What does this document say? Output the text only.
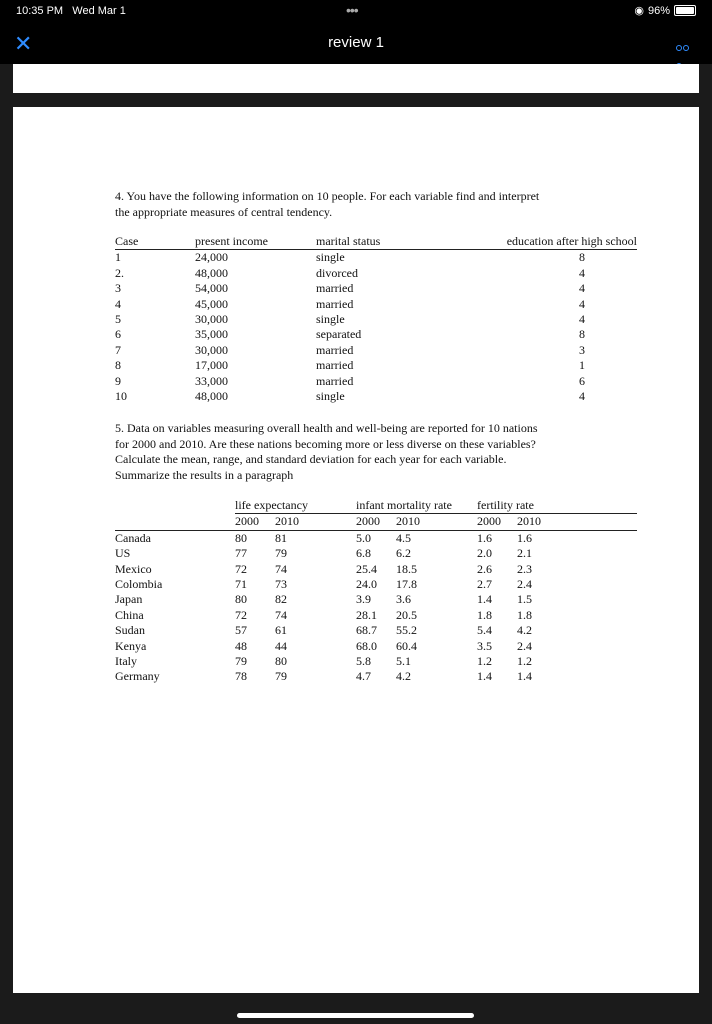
10:35 PM Wed Mar 1	•••	◉ 96%
✕	review 1

4. You have the following information on 10 people. For each variable find and interpret
the appropriate measures of central tendency.

Case	present income	marital status	education after high school
1	24,000	single	8
2.	48,000	divorced	4
3	54,000	married	4
4	45,000	married	4
5	30,000	single	4
6	35,000	separated	8
7	30,000	married	3
8	17,000	married	1
9	33,000	married	6
10	48,000	single	4

5. Data on variables measuring overall health and well-being are reported for 10 nations
for 2000 and 2010. Are these nations becoming more or less diverse on these variables?
Calculate the mean, range, and standard deviation for each year for each variable.
Summarize the results in a paragraph

	life expectancy		infant mortality rate		fertility rate	
	2000	2010	2000	2010	2000	2010
Canada	80	81	5.0	4.5	1.6	1.6
US	77	79	6.8	6.2	2.0	2.1
Mexico	72	74	25.4	18.5	2.6	2.3
Colombia	71	73	24.0	17.8	2.7	2.4
Japan	80	82	3.9	3.6	1.4	1.5
China	72	74	28.1	20.5	1.8	1.8
Sudan	57	61	68.7	55.2	5.4	4.2
Kenya	48	44	68.0	60.4	3.5	2.4
Italy	79	80	5.8	5.1	1.2	1.2
Germany	78	79	4.7	4.2	1.4	1.4
